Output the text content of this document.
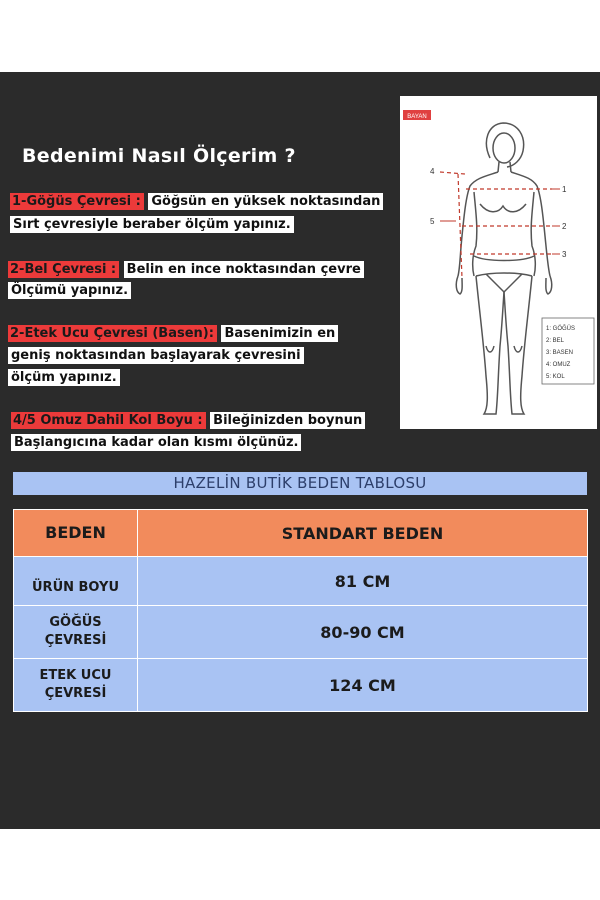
Bedenimi Nasıl Ölçerim ?
1-Göğüs Çevresi : Göğsün en yüksek noktasından
Sırt çevresiyle beraber ölçüm yapınız.
2-Bel Çevresi : Belin en ince noktasından çevre
Ölçümü yapınız.
2-Etek Ucu Çevresi (Basen): Basenimizin en
geniş noktasından başlayarak çevresini
ölçüm yapınız.
4/5 Omuz Dahil Kol Boyu : Bileğinizden boynun
Başlangıcına kadar olan kısmı ölçünüz.
BAYAN
1
2
3
4
5
1: GÖĞÜS
2: BEL
3: BASEN
4: OMUZ
5: KOL
HAZELİN BUTİK BEDEN TABLOSU
BEDEN	STANDART BEDEN

ÜRÜN BOYU	81 CM

GÖĞÜS
ÇEVRESİ	80-90 CM

ETEK UCU
ÇEVRESİ	124 CM
